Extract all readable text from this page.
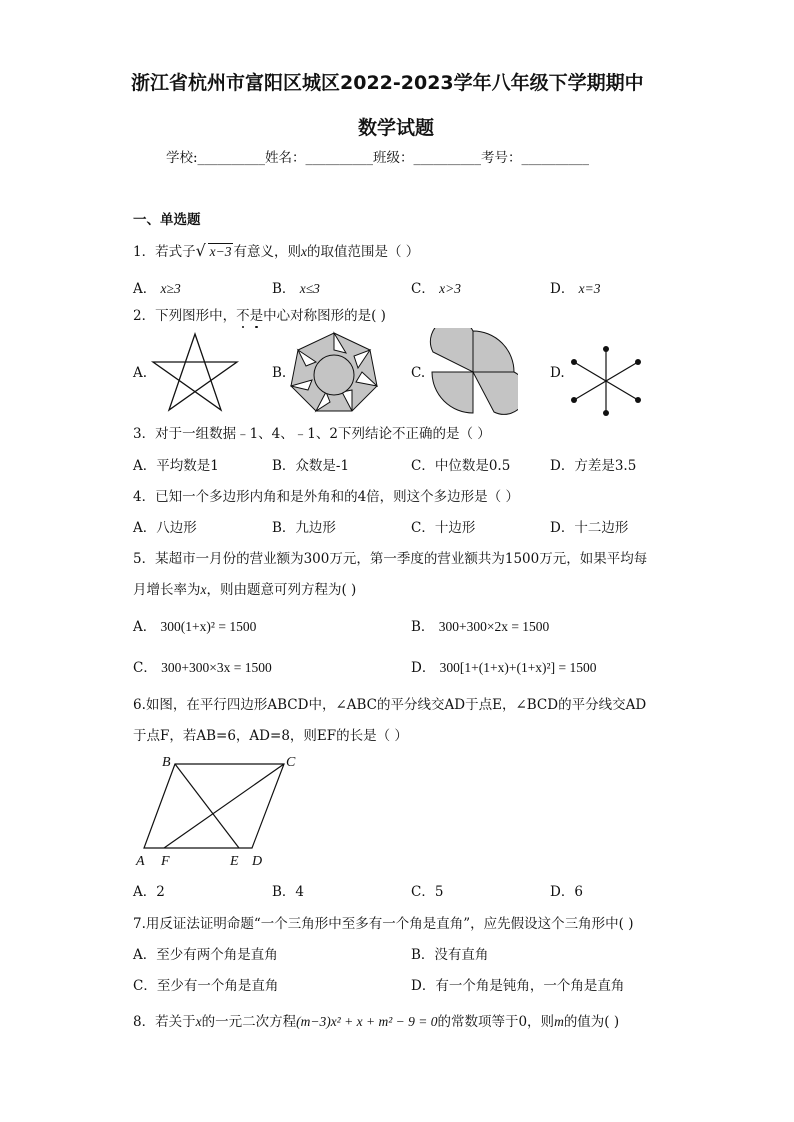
浙江省杭州市富阳区城区2022-2023学年八年级下学期期中
数学试题
学校:__________姓名：__________班级：__________考号：__________
一、单选题
1．若式子 √ x−3 有意义，则x的取值范围是（ ）
A． x≥3	B． x≤3	C． x>3	D． x=3
2．下列图形中，不是中心对称图形的是( )
A.	B.	C.	D.
3．对于一组数据﹣1、4、﹣1、2下列结论不正确的是（ ）
A．平均数是1	B．众数是-1	C．中位数是0.5	D．方差是3.5
4．已知一个多边形内角和是外角和的4倍，则这个多边形是（ ）
A．八边形	B．九边形	C．十边形	D．十二边形
5．某超市一月份的营业额为300万元，第一季度的营业额共为1500万元，如果平均每
月增长率为x，则由题意可列方程为( )
A． 300(1+x)² = 1500	B． 300+300×2x = 1500
C． 300+300×3x = 1500	D． 300[1+(1+x)+(1+x)²] = 1500
6.如图，在平行四边形ABCD中，∠ABC的平分线交AD于点E，∠BCD的平分线交AD
于点F，若AB=6，AD=8，则EF的长是（ ）
B	C
A F	E D
A．2	B．4	C．5	D．6
7.用反证法证明命题“一个三角形中至多有一个角是直角”，应先假设这个三角形中( )
A．至少有两个角是直角	B．没有直角
C．至少有一个角是直角	D．有一个角是钝角，一个角是直角
8．若关于x的一元二次方程(m−3)x² + x + m² − 9 = 0的常数项等于0，则m的值为( )
